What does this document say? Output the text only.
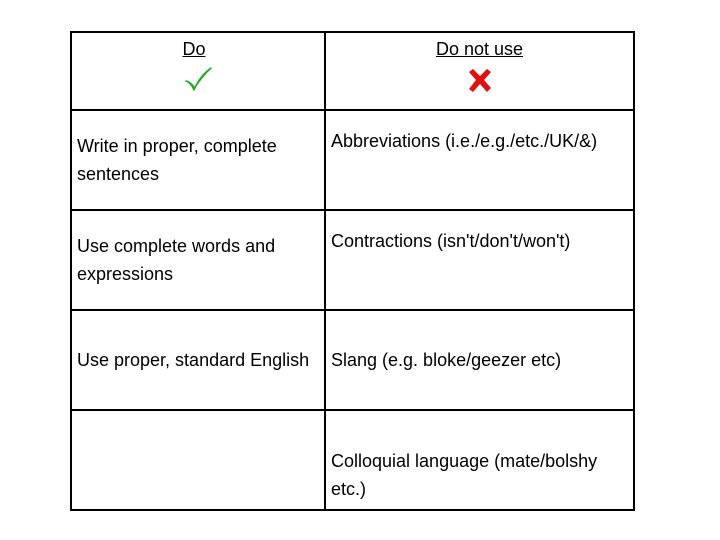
Do	Do not use

Write in proper, complete sentences	Abbreviations (i.e./e.g./etc./UK/&)

Use complete words and expressions	Contractions (isn't/don't/won't)

Use proper, standard English	Slang (e.g. bloke/geezer etc)

	Colloquial language (mate/bolshy etc.)
